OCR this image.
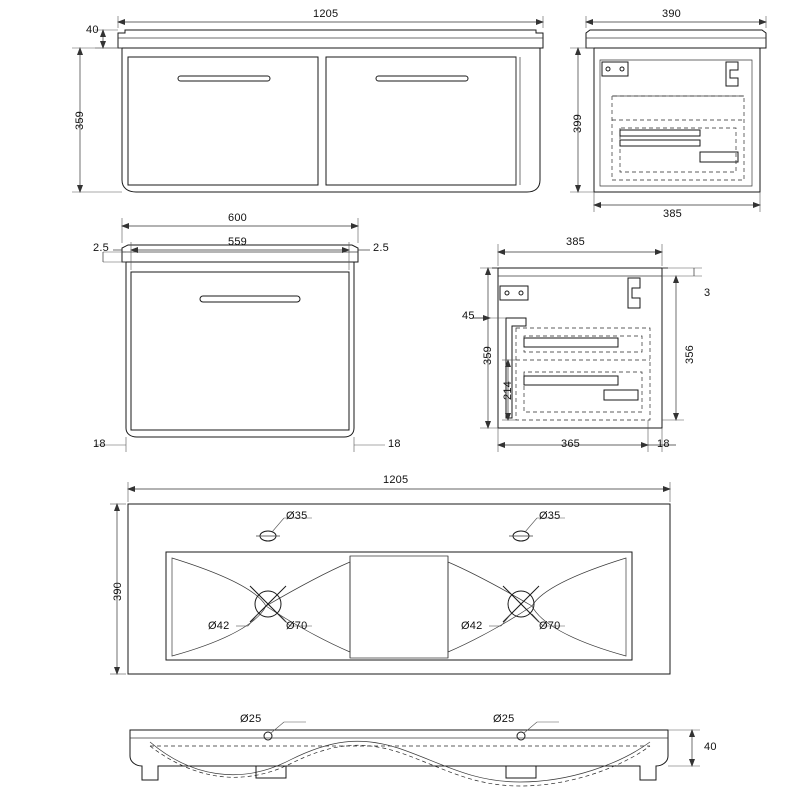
1205
40
359
390
399
385
600
559
2.5	2.5
18	18
385
3
45
359	356
214
365	18
1205
390
Ø35	Ø35
Ø42	Ø70	Ø42	Ø70
Ø25	Ø25
40
